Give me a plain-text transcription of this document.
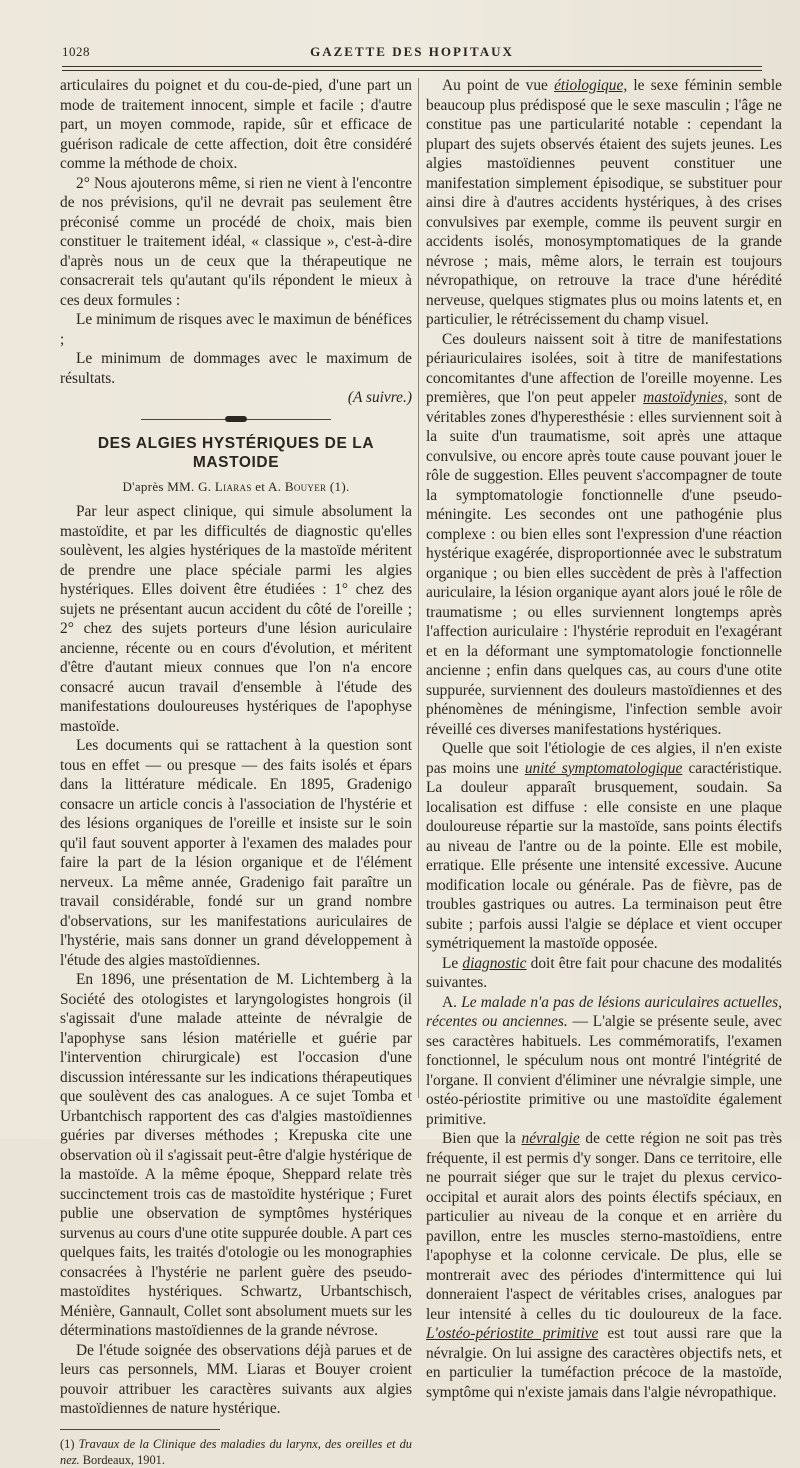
1028	GAZETTE DES HOPITAUX

articulaires du poignet et du cou-de-pied, d'une part un mode de traitement innocent, simple et facile ; d'autre part, un moyen commode, rapide, sûr et efficace de guérison radicale de cette affection, doit être considéré comme la méthode de choix.

2° Nous ajouterons même, si rien ne vient à l'encontre de nos prévisions, qu'il ne devrait pas seulement être préconisé comme un procédé de choix, mais bien constituer le traitement idéal, « classique », c'est-à-dire d'après nous un de ceux que la thérapeutique ne consacrerait tels qu'autant qu'ils répondent le mieux à ces deux formules :

Le minimum de risques avec le maximun de bénéfices ;

Le minimum de dommages avec le maximum de résultats.

(A suivre.)

DES ALGIES HYSTÉRIQUES DE LA MASTOIDE
D'après MM. G. Liaras et A. Bouyer (1).

Par leur aspect clinique, qui simule absolument la mastoïdite, et par les difficultés de diagnostic qu'elles soulèvent, les algies hystériques de la mastoïde méritent de prendre une place spéciale parmi les algies hystériques. Elles doivent être étudiées : 1° chez des sujets ne présentant aucun accident du côté de l'oreille ; 2° chez des sujets porteurs d'une lésion auriculaire ancienne, récente ou en cours d'évolution, et méritent d'être d'autant mieux connues que l'on n'a encore consacré aucun travail d'ensemble à l'étude des manifestations douloureuses hystériques de l'apophyse mastoïde.

Les documents qui se rattachent à la question sont tous en effet — ou presque — des faits isolés et épars dans la littérature médicale. En 1895, Gradenigo consacre un article concis à l'association de l'hystérie et des lésions organiques de l'oreille et insiste sur le soin qu'il faut souvent apporter à l'examen des malades pour faire la part de la lésion organique et de l'élément nerveux. La même année, Gradenigo fait paraître un travail considérable, fondé sur un grand nombre d'observations, sur les manifestations auriculaires de l'hystérie, mais sans donner un grand développement à l'étude des algies mastoïdiennes.

En 1896, une présentation de M. Lichtemberg à la Société des otologistes et laryngologistes hongrois (il s'agissait d'une malade atteinte de névralgie de l'apophyse sans lésion matérielle et guérie par l'intervention chirurgicale) est l'occasion d'une discussion intéressante sur les indications thérapeutiques que soulèvent des cas analogues. A ce sujet Tomba et Urbantchisch rapportent des cas d'algies mastoïdiennes guéries par diverses méthodes ; Krepuska cite une observation où il s'agissait peut-être d'algie hystérique de la mastoïde. A la même époque, Sheppard relate très succinctement trois cas de mastoïdite hystérique ; Furet publie une observation de symptômes hystériques survenus au cours d'une otite suppurée double. A part ces quelques faits, les traités d'otologie ou les monographies consacrées à l'hystérie ne parlent guère des pseudo-mastoïdites hystériques. Schwartz, Urbantschisch, Ménière, Gannault, Collet sont absolument muets sur les déterminations mastoïdiennes de la grande névrose.

De l'étude soignée des observations déjà parues et de leurs cas personnels, MM. Liaras et Bouyer croient pouvoir attribuer les caractères suivants aux algies mastoïdiennes de nature hystérique.

(1) Travaux de la Clinique des maladies du larynx, des oreilles et du nez. Bordeaux, 1901.

Au point de vue étiologique, le sexe féminin semble beaucoup plus prédisposé que le sexe masculin ; l'âge ne constitue pas une particularité notable : cependant la plupart des sujets observés étaient des sujets jeunes. Les algies mastoïdiennes peuvent constituer une manifestation simplement épisodique, se substituer pour ainsi dire à d'autres accidents hystériques, à des crises convulsives par exemple, comme ils peuvent surgir en accidents isolés, monosymptomatiques de la grande névrose ; mais, même alors, le terrain est toujours névropathique, on retrouve la trace d'une hérédité nerveuse, quelques stigmates plus ou moins latents et, en particulier, le rétrécissement du champ visuel.

Ces douleurs naissent soit à titre de manifestations périauriculaires isolées, soit à titre de manifestations concomitantes d'une affection de l'oreille moyenne. Les premières, que l'on peut appeler mastoïdynies, sont de véritables zones d'hyperesthésie : elles surviennent soit à la suite d'un traumatisme, soit après une attaque convulsive, ou encore après toute cause pouvant jouer le rôle de suggestion. Elles peuvent s'accompagner de toute la symptomatologie fonctionnelle d'une pseudo-méningite. Les secondes ont une pathogénie plus complexe : ou bien elles sont l'expression d'une réaction hystérique exagérée, disproportionnée avec le substratum organique ; ou bien elles succèdent de près à l'affection auriculaire, la lésion organique ayant alors joué le rôle de traumatisme ; ou elles surviennent longtemps après l'affection auriculaire : l'hystérie reproduit en l'exagérant et en la déformant une symptomatologie fonctionnelle ancienne ; enfin dans quelques cas, au cours d'une otite suppurée, surviennent des douleurs mastoïdiennes et des phénomènes de méningisme, l'infection semble avoir réveillé ces diverses manifestations hystériques.

Quelle que soit l'étiologie de ces algies, il n'en existe pas moins une unité symptomatologique caractéristique. La douleur apparaît brusquement, soudain. Sa localisation est diffuse : elle consiste en une plaque douloureuse répartie sur la mastoïde, sans points électifs au niveau de l'antre ou de la pointe. Elle est mobile, erratique. Elle présente une intensité excessive. Aucune modification locale ou générale. Pas de fièvre, pas de troubles gastriques ou autres. La terminaison peut être subite ; parfois aussi l'algie se déplace et vient occuper symétriquement la mastoïde opposée.

Le diagnostic doit être fait pour chacune des modalités suivantes.

A. Le malade n'a pas de lésions auriculaires actuelles, récentes ou anciennes. — L'algie se présente seule, avec ses caractères habituels. Les commémoratifs, l'examen fonctionnel, le spéculum nous ont montré l'intégrité de l'organe. Il convient d'éliminer une névralgie simple, une ostéo-périostite primitive ou une mastoïdite également primitive.

Bien que la névralgie de cette région ne soit pas très fréquente, il est permis d'y songer. Dans ce territoire, elle ne pourrait siéger que sur le trajet du plexus cervico-occipital et aurait alors des points électifs spéciaux, en particulier au niveau de la conque et en arrière du pavillon, entre les muscles sterno-mastoïdiens, entre l'apophyse et la colonne cervicale. De plus, elle se montrerait avec des périodes d'intermittence qui lui donneraient l'aspect de véritables crises, analogues par leur intensité à celles du tic douloureux de la face. L'ostéo-périostite primitive est tout aussi rare que la névralgie. On lui assigne des caractères objectifs nets, et en particulier la tuméfaction précoce de la mastoïde, symptôme qui n'existe jamais dans l'algie névropathique.
